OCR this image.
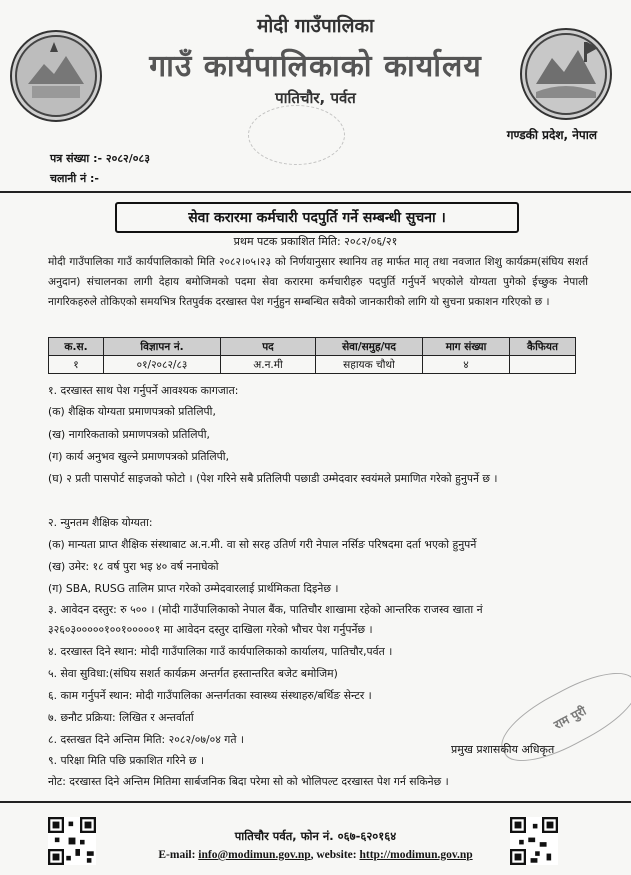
मोदी गाउँपालिका
गाउँ कार्यपालिकाको कार्यालय
पातिचौर, पर्वत
गण्डकी प्रदेश, नेपाल
पत्र संख्या :- २०८२/०८३
चलानी नं :-
सेवा करारमा कर्मचारी पदपुर्ति गर्ने सम्बन्धी सुचना ।
प्रथम पटक प्रकाशित मिति: २०८२/०६/२१
मोदी गाउँपालिका गाउँ कार्यपालिकाको मिति २०८२।०५।२३ को निर्णयानुसार स्थानिय तह मार्फत मातृ तथा नवजात शिशु कार्यक्रम(संघिय सशर्त अनुदान) संचालनका लागी देहाय बमोजिमको पदमा सेवा करारमा कर्मचारीहरु पदपुर्ति गर्नुपर्ने भएकोले योग्यता पुगेको ईच्छुक नेपाली नागरिकहरुले तोकिएको समयभित्र रितपुर्वक दरखास्त पेश गर्नुहुन सम्बन्धित सवैको जानकारीको लागि यो सुचना प्रकाशन गरिएको छ ।
क.स.	विज्ञापन नं.	पद	सेवा/समुह/पद	माग संख्या	कैफियत
१	०१/२०८२/८३	अ.न.मी	सहायक चौथो	४	
१. दरखास्त साथ पेश गर्नुपर्ने आवश्यक कागजात:
(क) शैक्षिक योग्यता प्रमाणपत्रको प्रतिलिपी,
(ख) नागरिकताको प्रमाणपत्रको प्रतिलिपी,
(ग) कार्य अनुभव खुल्ने प्रमाणपत्रको प्रतिलिपी,
(घ) २ प्रती पासपोर्ट साइजको फोटो । (पेश गरिने सबै प्रतिलिपी पछाडी उम्मेदवार स्वयंमले प्रमाणित गरेको हुनुपर्ने छ ।
२. न्युनतम शैक्षिक योग्यता:
(क) मान्यता प्राप्त शैक्षिक संस्थाबाट अ.न.मी. वा सो सरह उतिर्ण गरी नेपाल नर्सिङ परिषदमा दर्ता भएको हुनुपर्ने
(ख) उमेर: १८ वर्ष पुरा भइ ४० वर्ष ननाघेको
(ग) SBA, RUSG तालिम प्राप्त गरेको उम्मेदवारलाई प्रार्थमिकता दिइनेछ ।
३. आवेदन दस्तुर: रु ५०० । (मोदी गाउँपालिकाको नेपाल बैंक, पातिचौर शाखामा रहेको आन्तरिक राजस्व खाता नं ३२६०३०००००१००१०००००१ मा आवेदन दस्तुर दाखिला गरेको भौचर पेश गर्नुपर्नेछ ।
४. दरखास्त दिने स्थान: मोदी गाउँपालिका गाउँ कार्यपालिकाको कार्यालय, पातिचौर,पर्वत ।
५. सेवा सुविधा:(संघिय सशर्त कार्यक्रम अन्तर्गत हस्तान्तरित बजेट बमोजिम)
६. काम गर्नुपर्ने स्थान: मोदी गाउँपालिका अन्तर्गतका स्वास्थ्य संस्थाहरु/बर्थिङ सेन्टर ।
७. छनौट प्रक्रिया: लिखित र अन्तर्वार्ता
८. दस्तखत दिने अन्तिम मिति: २०८२/०७/०४ गते ।
९. परिक्षा मिति पछि प्रकाशित गरिने छ ।
नोट: दरखास्त दिने अन्तिम मितिमा सार्बजनिक बिदा परेमा सो को भोलिपल्ट दरखास्त पेश गर्न सकिनेछ ।
राम पुरी
प्रमुख प्रशासकीय अधिकृत
पातिचौर पर्वत, फोन नं. ०६७-६२०१६४
E-mail: info@modimun.gov.np, website: http://modimun.gov.np
